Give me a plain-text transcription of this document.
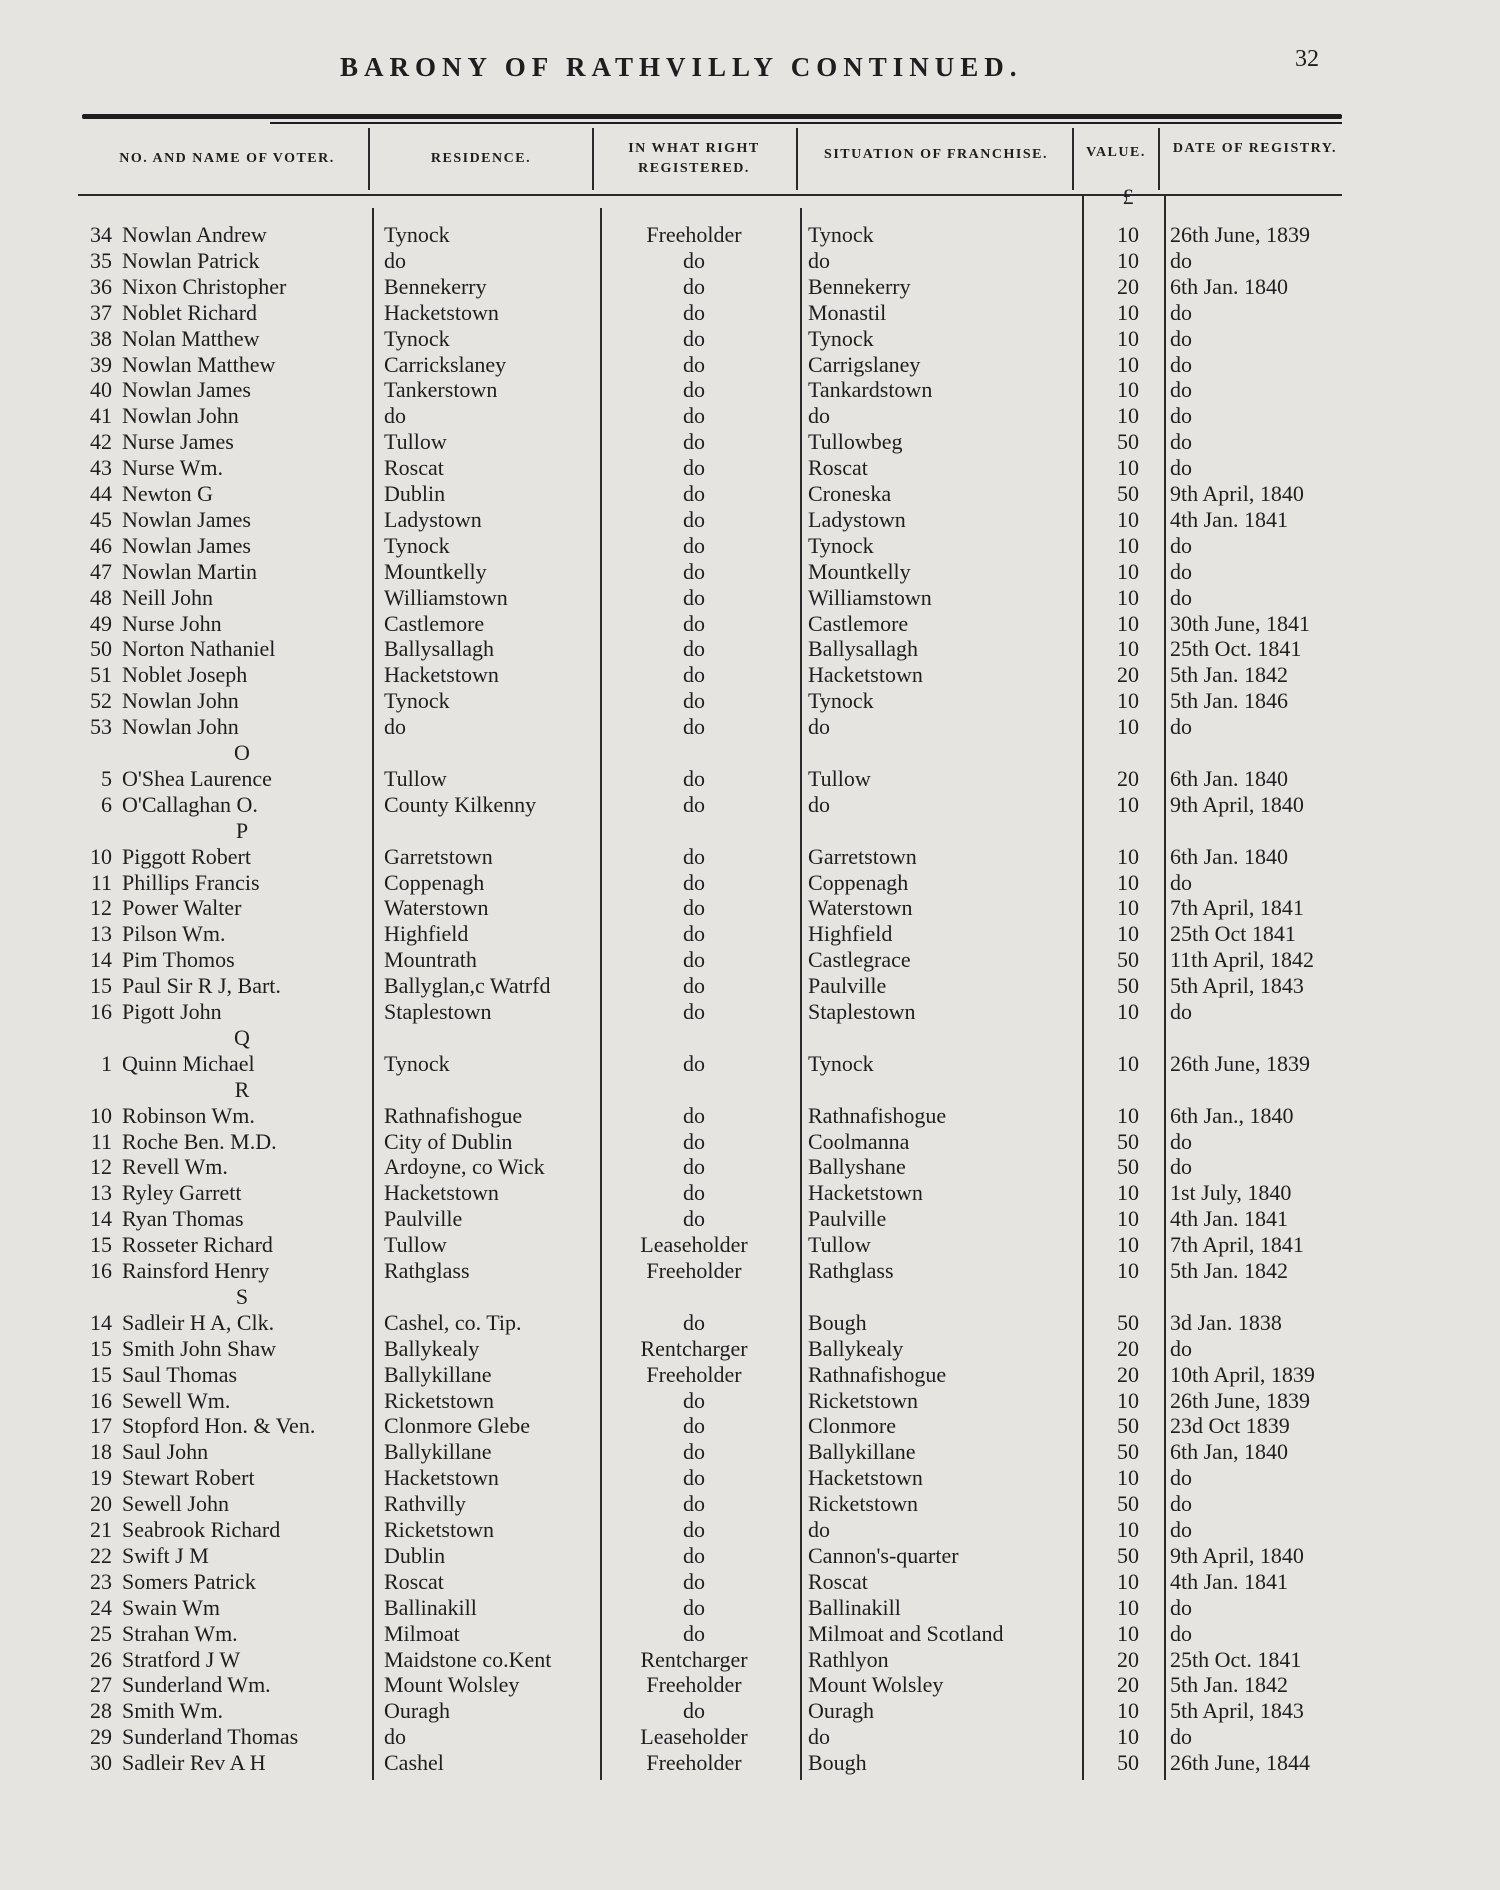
BARONY OF RATHVILLY CONTINUED.	32
NO. AND NAME OF VOTER.	RESIDENCE.
IN WHAT RIGHT
REGISTERED.
SITUATION OF FRANCHISE.	VALUE.	DATE OF REGISTRY.
£
34 Nowlan Andrew	Tynock	Freeholder	Tynock	10	26th June, 1839
35 Nowlan Patrick	do	do	do	10	do
36 Nixon Christopher	Bennekerry	do	Bennekerry	20	6th Jan. 1840
37 Noblet Richard	Hacketstown	do	Monastil	10	do
38 Nolan Matthew	Tynock	do	Tynock	10	do
39 Nowlan Matthew	Carrickslaney	do	Carrigslaney	10	do
40 Nowlan James	Tankerstown	do	Tankardstown	10	do
41 Nowlan John	do	do	do	10	do
42 Nurse James	Tullow	do	Tullowbeg	50	do
43 Nurse Wm.	Roscat	do	Roscat	10	do
44 Newton G	Dublin	do	Croneska	50	9th April, 1840
45 Nowlan James	Ladystown	do	Ladystown	10	4th Jan. 1841
46 Nowlan James	Tynock	do	Tynock	10	do
47 Nowlan Martin	Mountkelly	do	Mountkelly	10	do
48 Neill John	Williamstown	do	Williamstown	10	do
49 Nurse John	Castlemore	do	Castlemore	10	30th June, 1841
50 Norton Nathaniel	Ballysallagh	do	Ballysallagh	10	25th Oct. 1841
51 Noblet Joseph	Hacketstown	do	Hacketstown	20	5th Jan. 1842
52 Nowlan John	Tynock	do	Tynock	10	5th Jan. 1846
53 Nowlan John	do	do	do	10	do
O
5 O'Shea Laurence	Tullow	do	Tullow	20	6th Jan. 1840
6 O'Callaghan O.	County Kilkenny	do	do	10	9th April, 1840
P
10 Piggott Robert	Garretstown	do	Garretstown	10	6th Jan. 1840
11 Phillips Francis	Coppenagh	do	Coppenagh	10	do
12 Power Walter	Waterstown	do	Waterstown	10	7th April, 1841
13 Pilson Wm.	Highfield	do	Highfield	10	25th Oct 1841
14 Pim Thomos	Mountrath	do	Castlegrace	50	11th April, 1842
15 Paul Sir R J, Bart.	Ballyglan,c Watrfd	do	Paulville	50	5th April, 1843
16 Pigott John	Staplestown	do	Staplestown	10	do
Q
1 Quinn Michael	Tynock	do	Tynock	10	26th June, 1839
R
10 Robinson Wm.	Rathnafishogue	do	Rathnafishogue	10	6th Jan., 1840
11 Roche Ben. M.D.	City of Dublin	do	Coolmanna	50	do
12 Revell Wm.	Ardoyne, co Wick	do	Ballyshane	50	do
13 Ryley Garrett	Hacketstown	do	Hacketstown	10	1st July, 1840
14 Ryan Thomas	Paulville	do	Paulville	10	4th Jan. 1841
15 Rosseter Richard	Tullow	Leaseholder	Tullow	10	7th April, 1841
16 Rainsford Henry	Rathglass	Freeholder	Rathglass	10	5th Jan. 1842
S
14 Sadleir H A, Clk.	Cashel, co. Tip.	do	Bough	50	3d Jan. 1838
15 Smith John Shaw	Ballykealy	Rentcharger	Ballykealy	20	do
15 Saul Thomas	Ballykillane	Freeholder	Rathnafishogue	20	10th April, 1839
16 Sewell Wm.	Ricketstown	do	Ricketstown	10	26th June, 1839
17 Stopford Hon. & Ven.	Clonmore Glebe	do	Clonmore	50	23d Oct 1839
18 Saul John	Ballykillane	do	Ballykillane	50	6th Jan, 1840
19 Stewart Robert	Hacketstown	do	Hacketstown	10	do
20 Sewell John	Rathvilly	do	Ricketstown	50	do
21 Seabrook Richard	Ricketstown	do	do	10	do
22 Swift J M	Dublin	do	Cannon's-quarter	50	9th April, 1840
23 Somers Patrick	Roscat	do	Roscat	10	4th Jan. 1841
24 Swain Wm	Ballinakill	do	Ballinakill	10	do
25 Strahan Wm.	Milmoat	do	Milmoat and Scotland	10	do
26 Stratford J W	Maidstone co.Kent	Rentcharger	Rathlyon	20	25th Oct. 1841
27 Sunderland Wm.	Mount Wolsley	Freeholder	Mount Wolsley	20	5th Jan. 1842
28 Smith Wm.	Ouragh	do	Ouragh	10	5th April, 1843
29 Sunderland Thomas	do	Leaseholder	do	10	do
30 Sadleir Rev A H	Cashel	Freeholder	Bough	50	26th June, 1844
